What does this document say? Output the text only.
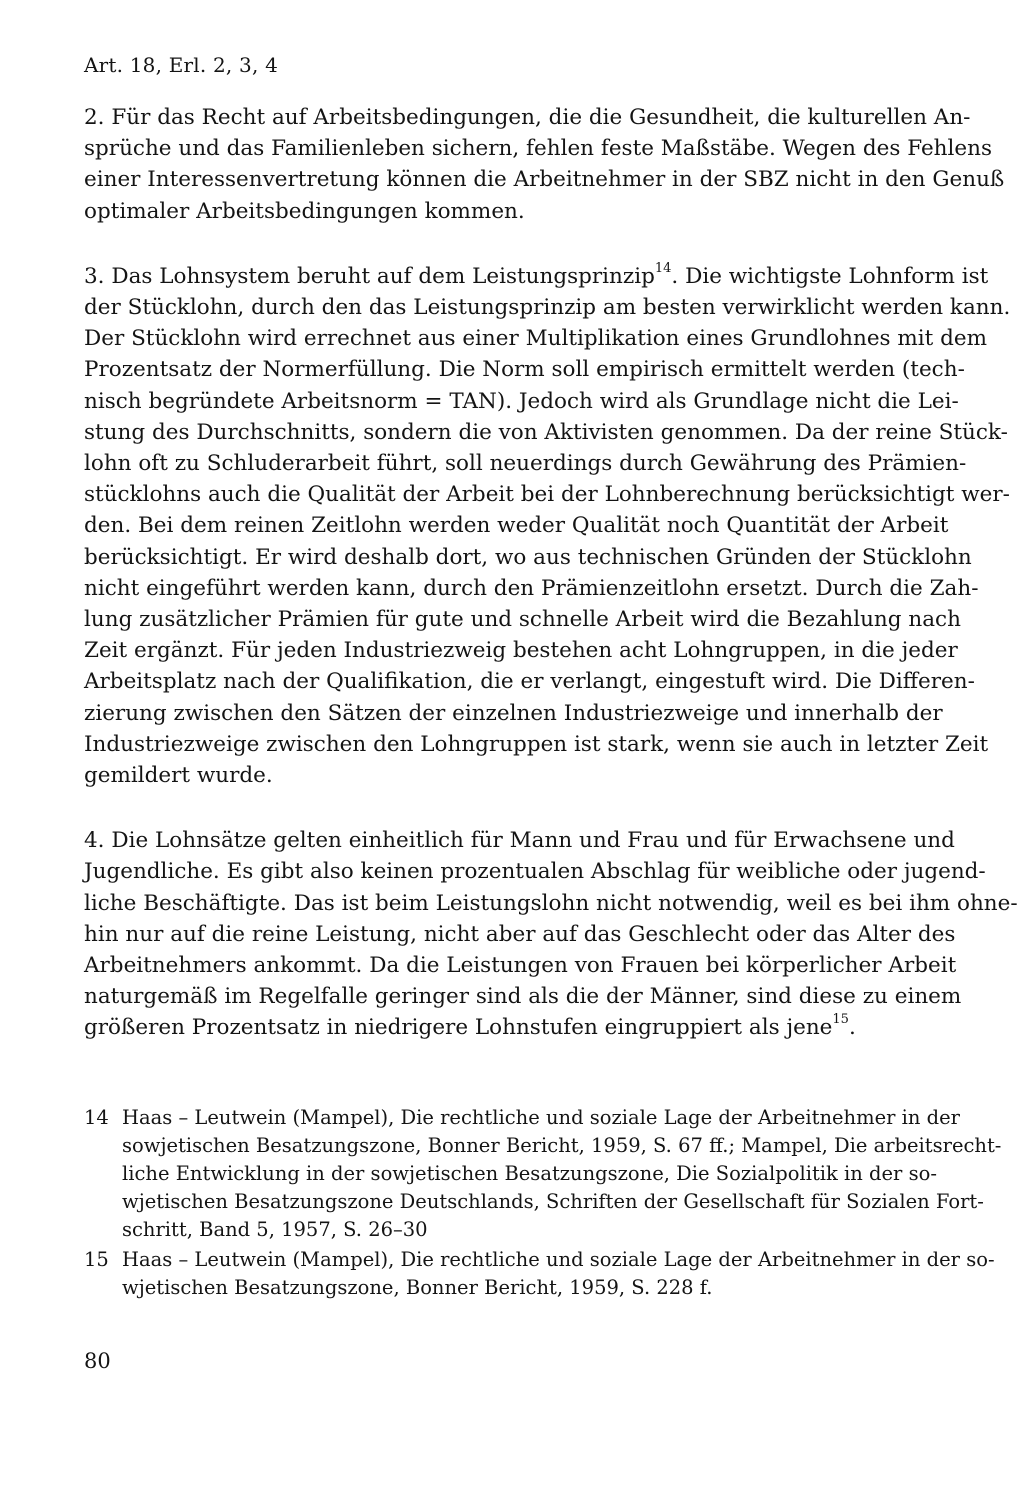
Art. 18, Erl. 2, 3, 4
2. Für das Recht auf Arbeitsbedingungen, die die Gesundheit, die kulturellen An-
sprüche und das Familienleben sichern, fehlen feste Maßstäbe. Wegen des Fehlens
einer Interessenvertretung können die Arbeitnehmer in der SBZ nicht in den Genuß
optimaler Arbeitsbedingungen kommen.
3. Das Lohnsystem beruht auf dem Leistungsprinzip$^{14}$. Die wichtigste Lohnform ist
der Stücklohn, durch den das Leistungsprinzip am besten verwirklicht werden kann.
Der Stücklohn wird errechnet aus einer Multiplikation eines Grundlohnes mit dem
Prozentsatz der Normerfüllung. Die Norm soll empirisch ermittelt werden (tech-
nisch begründete Arbeitsnorm = TAN). Jedoch wird als Grundlage nicht die Lei-
stung des Durchschnitts, sondern die von Aktivisten genommen. Da der reine Stück-
lohn oft zu Schluderarbeit führt, soll neuerdings durch Gewährung des Prämien-
stücklohns auch die Qualität der Arbeit bei der Lohnberechnung berücksichtigt wer-
den. Bei dem reinen Zeitlohn werden weder Qualität noch Quantität der Arbeit
berücksichtigt. Er wird deshalb dort, wo aus technischen Gründen der Stücklohn
nicht eingeführt werden kann, durch den Prämienzeitlohn ersetzt. Durch die Zah-
lung zusätzlicher Prämien für gute und schnelle Arbeit wird die Bezahlung nach
Zeit ergänzt. Für jeden Industriezweig bestehen acht Lohngruppen, in die jeder
Arbeitsplatz nach der Qualifikation, die er verlangt, eingestuft wird. Die Differen-
zierung zwischen den Sätzen der einzelnen Industriezweige und innerhalb der
Industriezweige zwischen den Lohngruppen ist stark, wenn sie auch in letzter Zeit
gemildert wurde.
4. Die Lohnsätze gelten einheitlich für Mann und Frau und für Erwachsene und
Jugendliche. Es gibt also keinen prozentualen Abschlag für weibliche oder jugend-
liche Beschäftigte. Das ist beim Leistungslohn nicht notwendig, weil es bei ihm ohne-
hin nur auf die reine Leistung, nicht aber auf das Geschlecht oder das Alter des
Arbeitnehmers ankommt. Da die Leistungen von Frauen bei körperlicher Arbeit
naturgemäß im Regelfalle geringer sind als die der Männer, sind diese zu einem
größeren Prozentsatz in niedrigere Lohnstufen eingruppiert als jene$^{15}$.
14 Haas – Leutwein (Mampel), Die rechtliche und soziale Lage der Arbeitnehmer in der
sowjetischen Besatzungszone, Bonner Bericht, 1959, S. 67 ff.; Mampel, Die arbeitsrecht-
liche Entwicklung in der sowjetischen Besatzungszone, Die Sozialpolitik in der so-
wjetischen Besatzungszone Deutschlands, Schriften der Gesellschaft für Sozialen Fort-
schritt, Band 5, 1957, S. 26–30
15 Haas – Leutwein (Mampel), Die rechtliche und soziale Lage der Arbeitnehmer in der so-
wjetischen Besatzungszone, Bonner Bericht, 1959, S. 228 f.
80
